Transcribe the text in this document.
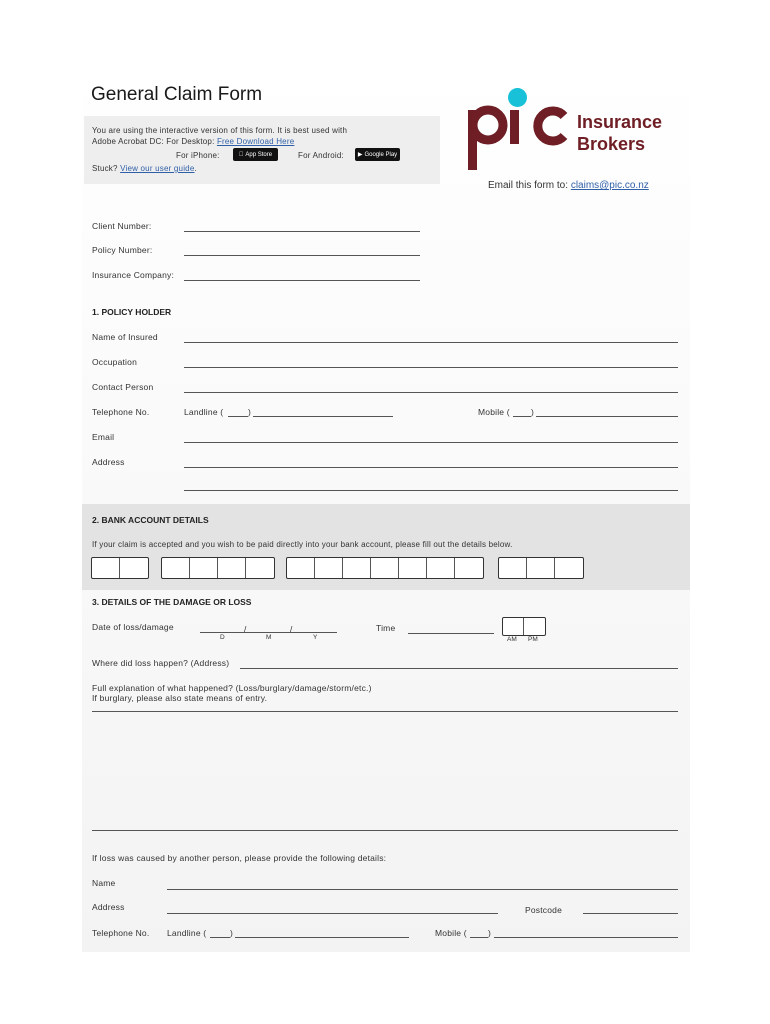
General Claim Form
You are using the interactive version of this form. It is best used with
Adobe Acrobat DC: For Desktop: Free Download Here
For iPhone:	App Store	For Android: ▶ Google Play
Stuck? View our user guide.
Insurance
Brokers
Email this form to: claims@pic.co.nz
Client Number:
Policy Number:
Insurance Company:
1. POLICY HOLDER
Name of Insured
Occupation
Contact Person
Telephone No.	Landline (	)	Mobile ( )
Email
Address
2. BANK ACCOUNT DETAILS
If your claim is accepted and you wish to be paid directly into your bank account, please fill out the details below.
3. DETAILS OF THE DAMAGE OR LOSS
Date of loss/damage	/	/
D	M	Y
Time
AM PM
Where did loss happen? (Address)
Full explanation of what happened? (Loss/burglary/damage/storm/etc.)
If burglary, please also state means of entry.
If loss was caused by another person, please provide the following details:
Name
Address	Postcode
Telephone No. Landline (	)	Mobile ( )
